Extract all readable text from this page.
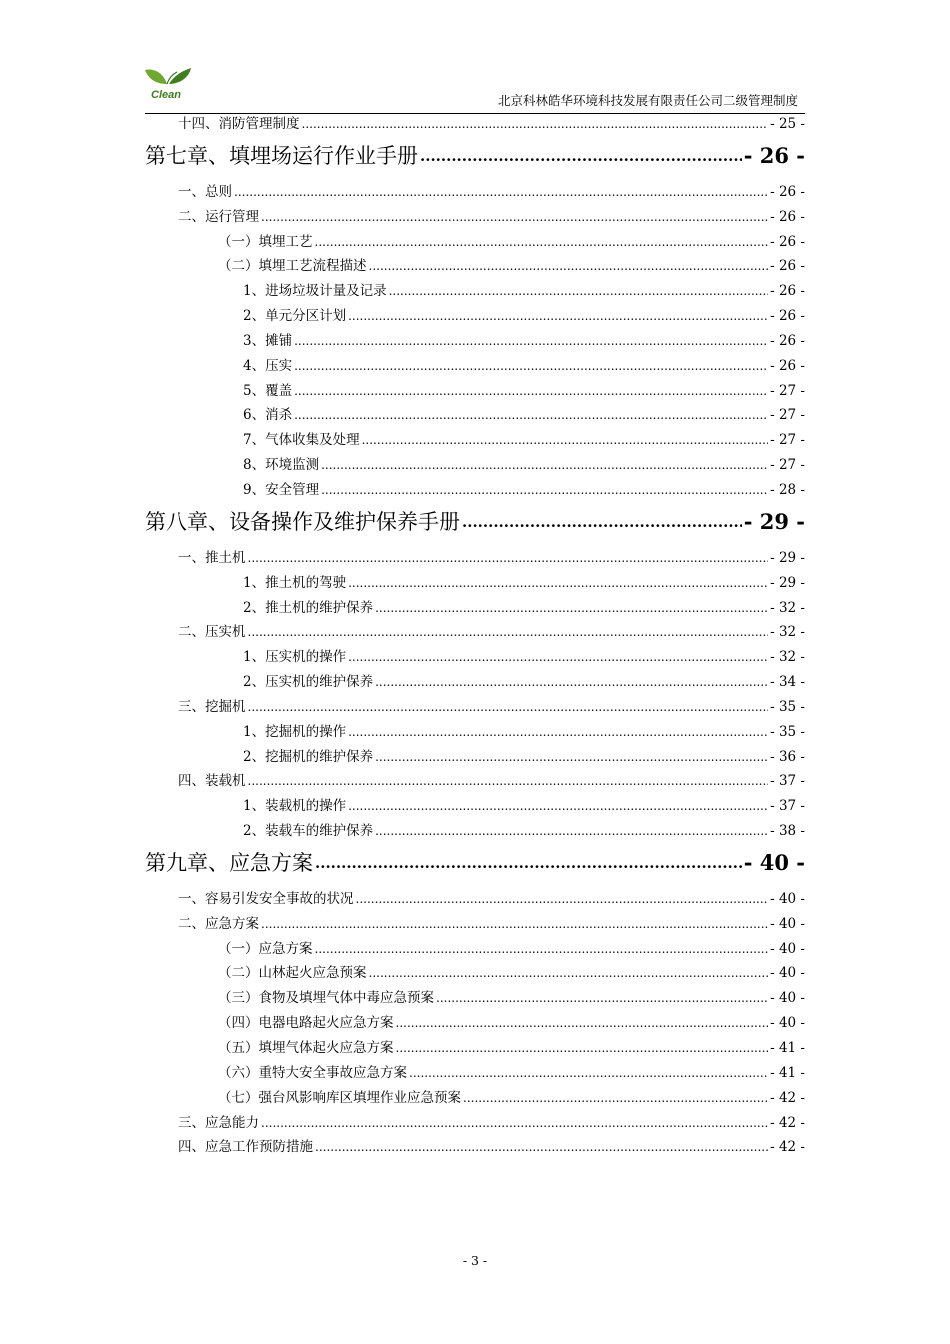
Clean	北京科林皓华环境科技发展有限责任公司二级管理制度
十四、消防管理制度 .....	- 25 -
第七章、填埋场运行作业手册 .....	- 26 -
一、总则 .....	- 26 -
二、运行管理 .....	- 26 -
（一）填埋工艺 .....	- 26 -
（二）填埋工艺流程描述 .....	- 26 -
1、进场垃圾计量及记录 .....	- 26 -
2、单元分区计划 .....	- 26 -
3、摊铺 .....	- 26 -
4、压实 .....	- 26 -
5、覆盖 .....	- 27 -
6、消杀 .....	- 27 -
7、气体收集及处理 .....	- 27 -
8、环境监测 .....	- 27 -
9、安全管理 .....	- 28 -
第八章、设备操作及维护保养手册 .....	- 29 -
一、推土机 .....	- 29 -
1、推土机的驾驶 .....	- 29 -
2、推土机的维护保养 .....	- 32 -
二、压实机 .....	- 32 -
1、压实机的操作 .....	- 32 -
2、压实机的维护保养 .....	- 34 -
三、挖掘机 .....	- 35 -
1、挖掘机的操作 .....	- 35 -
2、挖掘机的维护保养 .....	- 36 -
四、装载机 .....	- 37 -
1、装载机的操作 .....	- 37 -
2、装载车的维护保养 .....	- 38 -
第九章、应急方案 .....	- 40 -
一、容易引发安全事故的状况 .....	- 40 -
二、应急方案 .....	- 40 -
（一）应急方案 .....	- 40 -
（二）山林起火应急预案 .....	- 40 -
（三）食物及填埋气体中毒应急预案 .....	- 40 -
（四）电器电路起火应急方案 .....	- 40 -
（五）填埋气体起火应急方案 .....	- 41 -
（六）重特大安全事故应急方案 .....	- 41 -
（七）强台风影响库区填埋作业应急预案 .....	- 42 -
三、应急能力 .....	- 42 -
四、应急工作预防措施 .....	- 42 -
- 3 -
